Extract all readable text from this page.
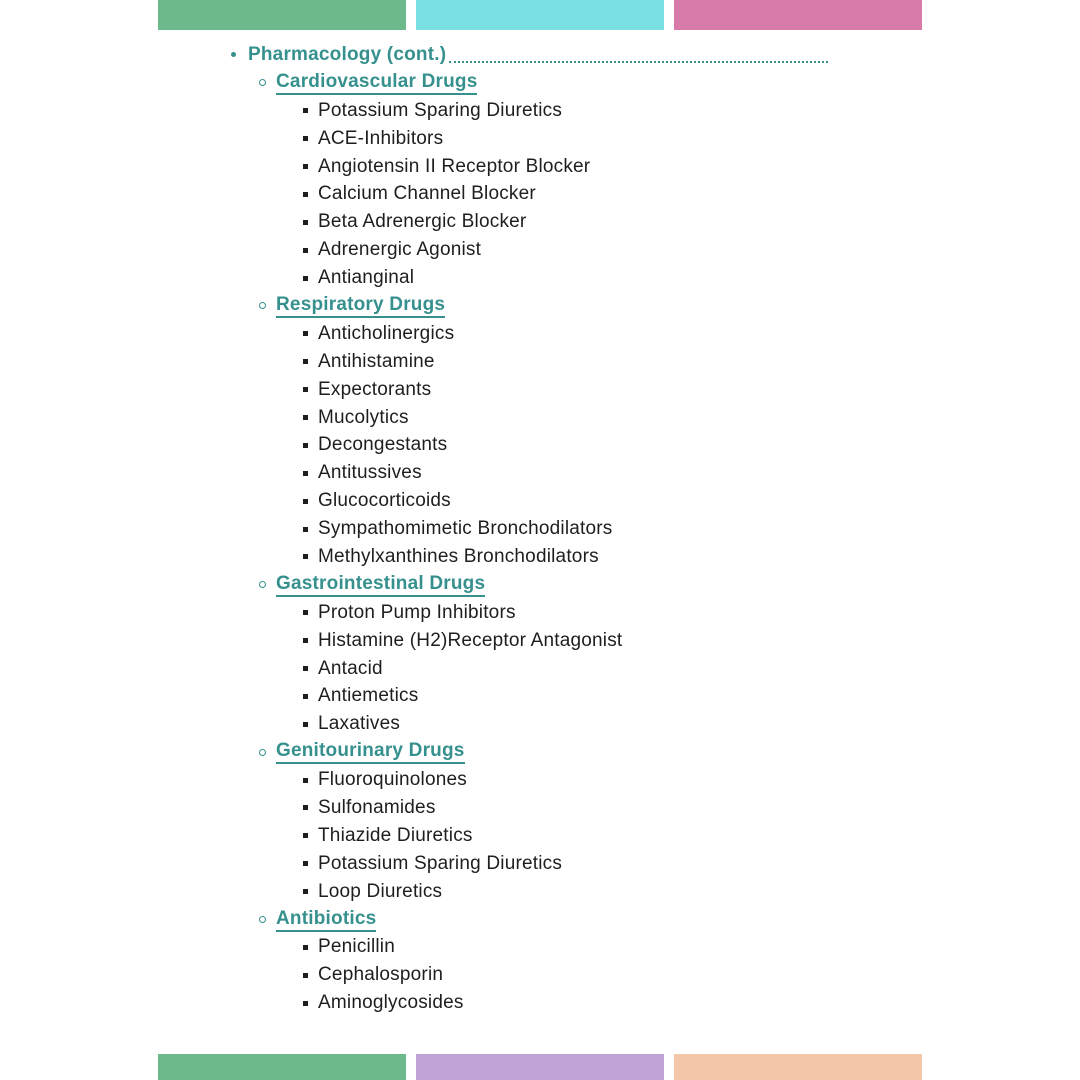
Pharmacology (cont.)
Cardiovascular Drugs
Potassium Sparing Diuretics
ACE-Inhibitors
Angiotensin II Receptor Blocker
Calcium Channel Blocker
Beta Adrenergic Blocker
Adrenergic Agonist
Antianginal
Respiratory Drugs
Anticholinergics
Antihistamine
Expectorants
Mucolytics
Decongestants
Antitussives
Glucocorticoids
Sympathomimetic Bronchodilators
Methylxanthines Bronchodilators
Gastrointestinal Drugs
Proton Pump Inhibitors
Histamine (H2)Receptor Antagonist
Antacid
Antiemetics
Laxatives
Genitourinary Drugs
Fluoroquinolones
Sulfonamides
Thiazide Diuretics
Potassium Sparing Diuretics
Loop Diuretics
Antibiotics
Penicillin
Cephalosporin
Aminoglycosides
